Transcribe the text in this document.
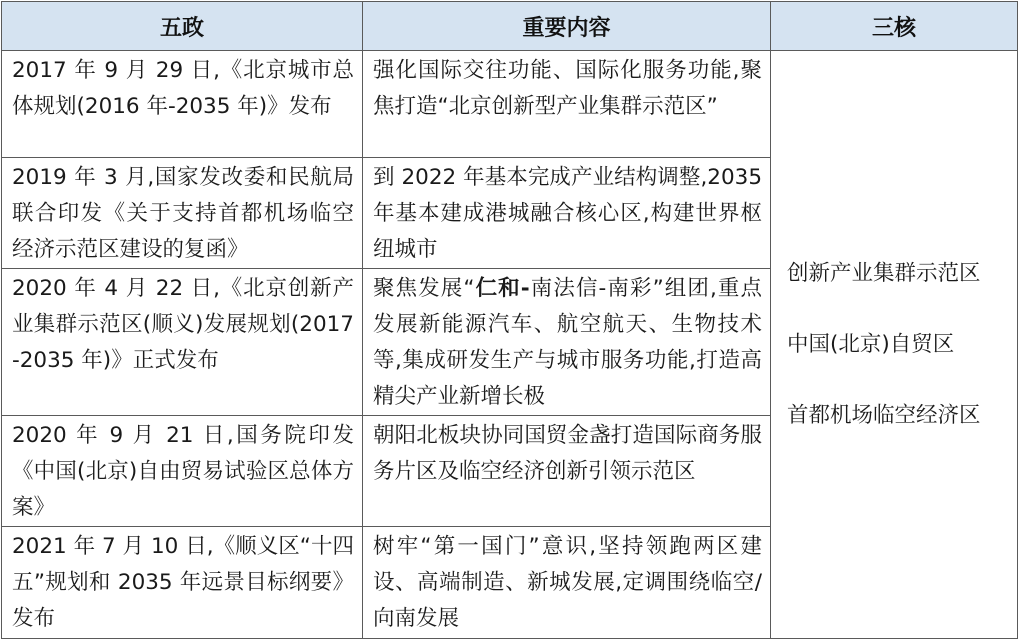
五政	重要内容	三核

2017 年 9 月 29 日,《北京城市总体规划(2016 年-2035 年)》发布	强化国际交往功能、国际化服务功能,聚焦打造“北京创新型产业集群示范区”	创新产业集群示范区
中国(北京)自贸区
首都机场临空经济区

2019 年 3 月,国家发改委和民航局联合印发《关于支持首都机场临空经济示范区建设的复函》	到 2022 年基本完成产业结构调整,2035 年基本建成港城融合核心区,构建世界枢纽城市	

2020 年 4 月 22 日,《北京创新产业集群示范区(顺义)发展规划(2017-2035 年)》正式发布	聚焦发展“仁和-南法信-南彩”组团,重点发展新能源汽车、航空航天、生物技术等,集成研发生产与城市服务功能,打造高精尖产业新增长极	

2020 年 9 月 21 日,国务院印发《中国(北京)自由贸易试验区总体方案》	朝阳北板块协同国贸金盏打造国际商务服务片区及临空经济创新引领示范区	

2021 年 7 月 10 日,《顺义区“十四五”规划和 2035 年远景目标纲要》发布	树牢“第一国门”意识,坚持领跑两区建设、高端制造、新城发展,定调围绕临空/向南发展	
